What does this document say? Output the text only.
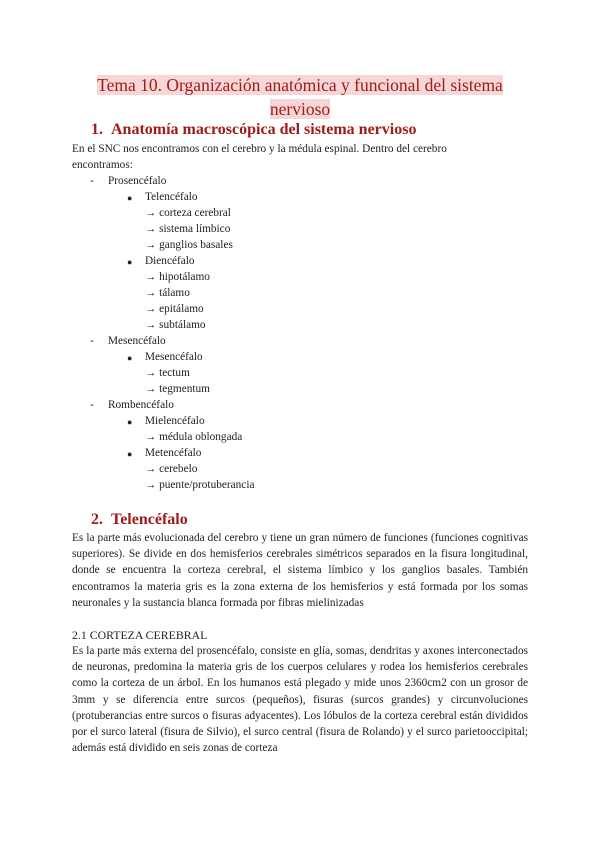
Tema 10. Organización anatómica y funcional del sistema
nervioso
1. Anatomía macroscópica del sistema nervioso
En el SNC nos encontramos con el cerebro y la médula espinal. Dentro del cerebro
encontramos:
- Prosencéfalo
● Telencéfalo
→ corteza cerebral
→ sistema límbico
→ ganglios basales
● Diencéfalo
→ hipotálamo
→ tálamo
→ epitálamo
→ subtálamo
- Mesencéfalo
● Mesencéfalo
→ tectum
→ tegmentum
- Rombencéfalo
● Mielencéfalo
→ médula oblongada
● Metencéfalo
→ cerebelo
→ puente/protuberancia
2. Telencéfalo
Es la parte más evolucionada del cerebro y tiene un gran número de funciones (funciones cognitivas superiores). Se divide en dos hemisferios cerebrales simétricos separados en la fisura longitudinal, donde se encuentra la corteza cerebral, el sistema límbico y los ganglios basales. También encontramos la materia gris es la zona externa de los hemisferios y está formada por los somas neuronales y la sustancia blanca formada por fibras mielinizadas
2.1 CORTEZA CEREBRAL
Es la parte más externa del prosencéfalo, consiste en glía, somas, dendritas y axones interconectados de neuronas, predomina la materia gris de los cuerpos celulares y rodea los hemisferios cerebrales como la corteza de un árbol. En los humanos está plegado y mide unos 2360cm2 con un grosor de 3mm y se diferencia entre surcos (pequeños), fisuras (surcos grandes) y circunvoluciones (protuberancias entre surcos o fisuras adyacentes). Los lóbulos de la corteza cerebral están divididos por el surco lateral (fisura de Silvio), el surco central (fisura de Rolando) y el surco parietooccipital; además está dividido en seis zonas de corteza
